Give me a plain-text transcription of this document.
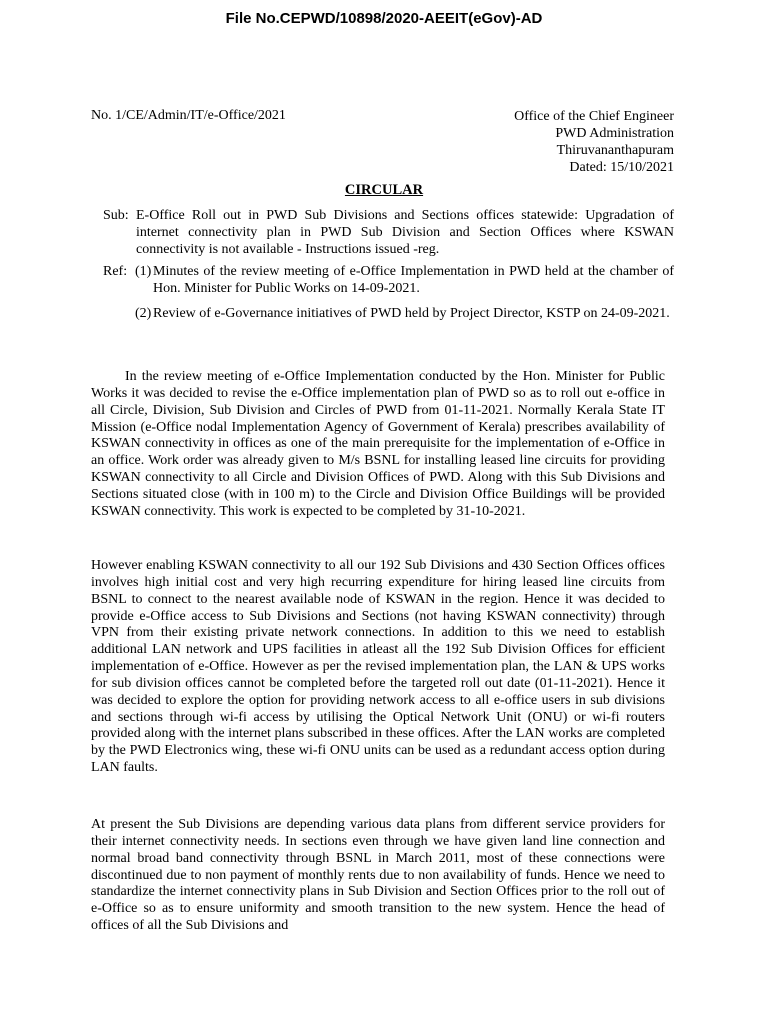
File No.CEPWD/10898/2020-AEEIT(eGov)-AD
No. 1/CE/Admin/IT/e-Office/2021	Office of the Chief Engineer
PWD Administration
Thiruvananthapuram
Dated: 15/10/2021
CIRCULAR
Sub: E-Office Roll out in PWD Sub Divisions and Sections offices statewide: Upgradation of internet connectivity plan in PWD Sub Division and Section Offices where KSWAN connectivity is not available - Instructions issued -reg.
Ref: (1) Minutes of the review meeting of e-Office Implementation in PWD held at the chamber of Hon. Minister for Public Works on 14-09-2021.
(2) Review of e-Governance initiatives of PWD held by Project Director, KSTP on 24-09-2021.

In the review meeting of e-Office Implementation conducted by the Hon. Minister for Public Works it was decided to revise the e-Office implementation plan of PWD so as to roll out e-office in all Circle, Division, Sub Division and Circles of PWD from 01-11-2021. Normally Kerala State IT Mission (e-Office nodal Implementation Agency of Government of Kerala) prescribes availability of KSWAN connectivity in offices as one of the main prerequisite for the implementation of e-Office in an office. Work order was already given to M/s BSNL for installing leased line circuits for providing KSWAN connectivity to all Circle and Division Offices of PWD. Along with this Sub Divisions and Sections situated close (with in 100 m) to the Circle and Division Office Buildings will be provided KSWAN connectivity. This work is expected to be completed by 31-10-2021.

However enabling KSWAN connectivity to all our 192 Sub Divisions and 430 Section Offices offices involves high initial cost and very high recurring expenditure for hiring leased line circuits from BSNL to connect to the nearest available node of KSWAN in the region. Hence it was decided to provide e-Office access to Sub Divisions and Sections (not having KSWAN connectivity) through VPN from their existing private network connections. In addition to this we need to establish additional LAN network and UPS facilities in atleast all the 192 Sub Division Offices for efficient implementation of e-Office. However as per the revised implementation plan, the LAN & UPS works for sub division offices cannot be completed before the targeted roll out date (01-11-2021). Hence it was decided to explore the option for providing network access to all e-office users in sub divisions and sections through wi-fi access by utilising the Optical Network Unit (ONU) or wi-fi routers provided along with the internet plans subscribed in these offices. After the LAN works are completed by the PWD Electronics wing, these wi-fi ONU units can be used as a redundant access option during LAN faults.

At present the Sub Divisions are depending various data plans from different service providers for their internet connectivity needs. In sections even through we have given land line connection and normal broad band connectivity through BSNL in March 2011, most of these connections were discontinued due to non payment of monthly rents due to non availability of funds. Hence we need to standardize the internet connectivity plans in Sub Division and Section Offices prior to the roll out of e-Office so as to ensure uniformity and smooth transition to the new system. Hence the head of offices of all the Sub Divisions and
